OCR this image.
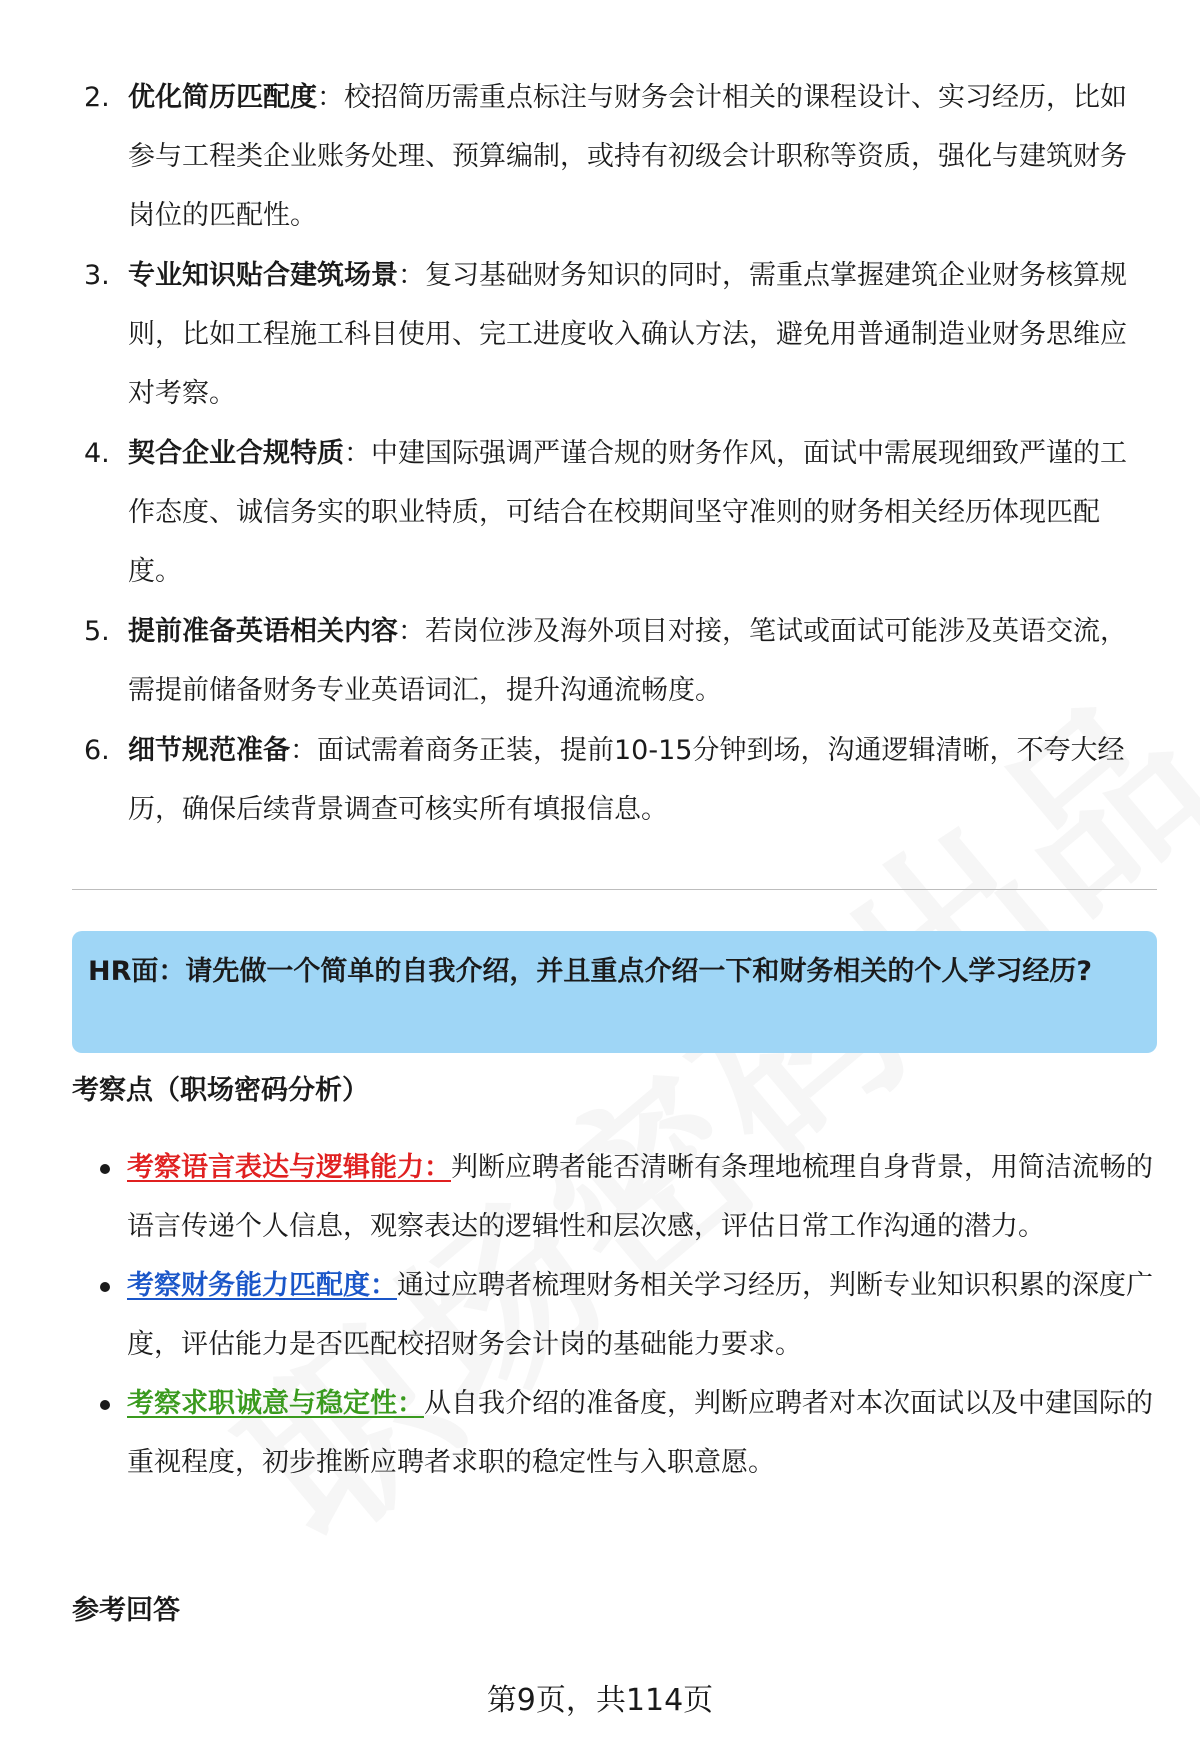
2. 优化简历匹配度：校招简历需重点标注与财务会计相关的课程设计、实习经历，比如参与工程类企业账务处理、预算编制，或持有初级会计职称等资质，强化与建筑财务岗位的匹配性。
3. 专业知识贴合建筑场景：复习基础财务知识的同时，需重点掌握建筑企业财务核算规则，比如工程施工科目使用、完工进度收入确认方法，避免用普通制造业财务思维应对考察。
4. 契合企业合规特质：中建国际强调严谨合规的财务作风，面试中需展现细致严谨的工作态度、诚信务实的职业特质，可结合在校期间坚守准则的财务相关经历体现匹配度。
5. 提前准备英语相关内容：若岗位涉及海外项目对接，笔试或面试可能涉及英语交流，需提前储备财务专业英语词汇，提升沟通流畅度。
6. 细节规范准备：面试需着商务正装，提前10-15分钟到场，沟通逻辑清晰，不夸大经历，确保后续背景调查可核实所有填报信息。

HR面：请先做一个简单的自我介绍，并且重点介绍一下和财务相关的个人学习经历?

考察点（职场密码分析）
考察语言表达与逻辑能力：判断应聘者能否清晰有条理地梳理自身背景，用简洁流畅的语言传递个人信息，观察表达的逻辑性和层次感，评估日常工作沟通的潜力。
考察财务能力匹配度：通过应聘者梳理财务相关学习经历，判断专业知识积累的深度广度，评估能力是否匹配校招财务会计岗的基础能力要求。
考察求职诚意与稳定性：从自我介绍的准备度，判断应聘者对本次面试以及中建国际的重视程度，初步推断应聘者求职的稳定性与入职意愿。
参考回答
第9页，共114页
